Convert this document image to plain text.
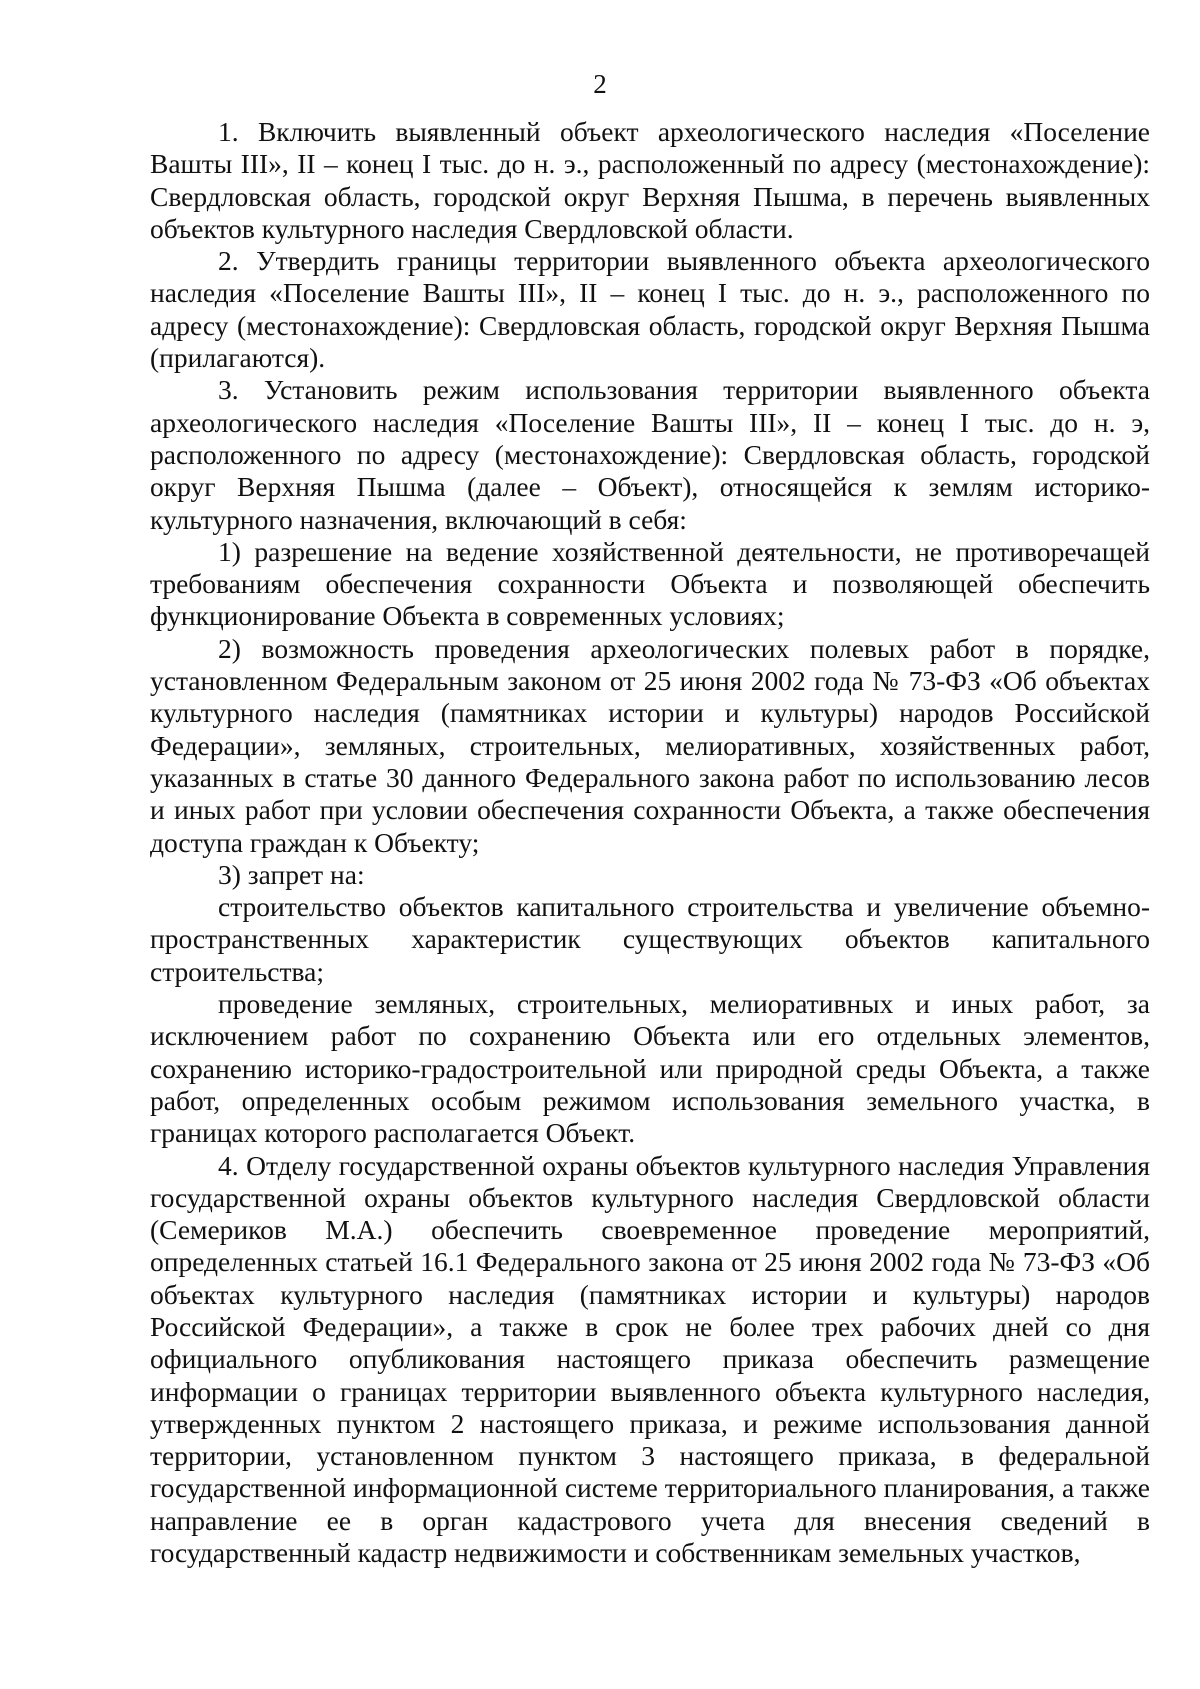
2

1. Включить выявленный объект археологического наследия «Поселение Вашты III», II – конец I тыс. до н. э., расположенный по адресу (местонахождение): Свердловская область, городской округ Верхняя Пышма, в перечень выявленных объектов культурного наследия Свердловской области.

2. Утвердить границы территории выявленного объекта археологического наследия «Поселение Вашты III», II – конец I тыс. до н. э., расположенного по адресу (местонахождение): Свердловская область, городской округ Верхняя Пышма (прилагаются).

3. Установить режим использования территории выявленного объекта археологического наследия «Поселение Вашты III», II – конец I тыс. до н. э, расположенного по адресу (местонахождение): Свердловская область, городской округ Верхняя Пышма (далее – Объект), относящейся к землям историко-культурного назначения, включающий в себя:

1) разрешение на ведение хозяйственной деятельности, не противоречащей требованиям обеспечения сохранности Объекта и позволяющей обеспечить функционирование Объекта в современных условиях;

2) возможность проведения археологических полевых работ в порядке, установленном Федеральным законом от 25 июня 2002 года № 73-ФЗ «Об объектах культурного наследия (памятниках истории и культуры) народов Российской Федерации», земляных, строительных, мелиоративных, хозяйственных работ, указанных в статье 30 данного Федерального закона работ по использованию лесов и иных работ при условии обеспечения сохранности Объекта, а также обеспечения доступа граждан к Объекту;

3) запрет на:

строительство объектов капитального строительства и увеличение объемно-пространственных характеристик существующих объектов капитального строительства;

проведение земляных, строительных, мелиоративных и иных работ, за исключением работ по сохранению Объекта или его отдельных элементов, сохранению историко-градостроительной или природной среды Объекта, а также работ, определенных особым режимом использования земельного участка, в границах которого располагается Объект.

4. Отделу государственной охраны объектов культурного наследия Управления государственной охраны объектов культурного наследия Свердловской области (Семериков М.А.) обеспечить своевременное проведение мероприятий, определенных статьей 16.1 Федерального закона от 25 июня 2002 года № 73-ФЗ «Об объектах культурного наследия (памятниках истории и культуры) народов Российской Федерации», а также в срок не более трех рабочих дней со дня официального опубликования настоящего приказа обеспечить размещение информации о границах территории выявленного объекта культурного наследия, утвержденных пунктом 2 настоящего приказа, и режиме использования данной территории, установленном пунктом 3 настоящего приказа, в федеральной государственной информационной системе территориального планирования, а также направление ее в орган кадастрового учета для внесения сведений в государственный кадастр недвижимости и собственникам земельных участков,
